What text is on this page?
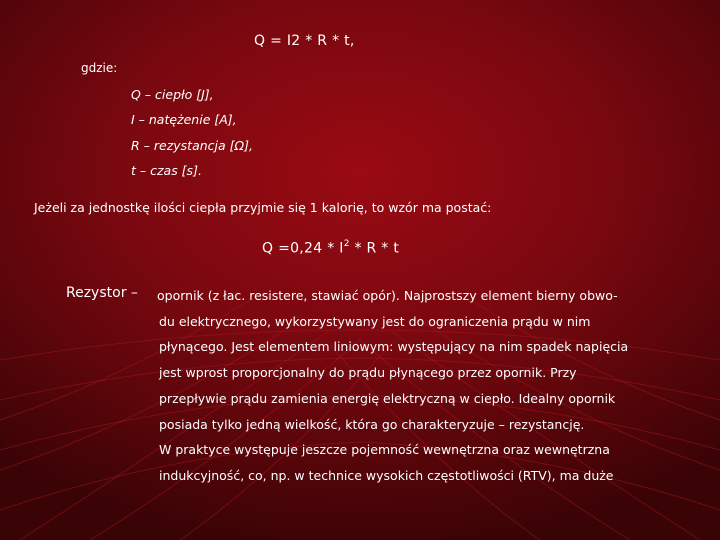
Q = I2 * R * t,
gdzie:
Q – ciepło [J],
I – natężenie [A],
R – rezystancja [Ω],
t – czas [s].
Jeżeli za jednostkę ilości ciepła przyjmie się 1 kalorię, to wzór ma postać:
$Q =0,24 * I^2 * R * t$
Rezystor – opornik (z łac. resistere, stawiać opór). Najprostszy element bierny obwo-
du elektrycznego, wykorzystywany jest do ograniczenia prądu w nim
płynącego. Jest elementem liniowym: występujący na nim spadek napięcia
jest wprost proporcjonalny do prądu płynącego przez opornik. Przy
przepływie prądu zamienia energię elektryczną w ciepło. Idealny opornik
posiada tylko jedną wielkość, która go charakteryzuje – rezystancję.
W praktyce występuje jeszcze pojemność wewnętrzna oraz wewnętrzna
indukcyjność, co, np. w technice wysokich częstotliwości (RTV), ma duże
